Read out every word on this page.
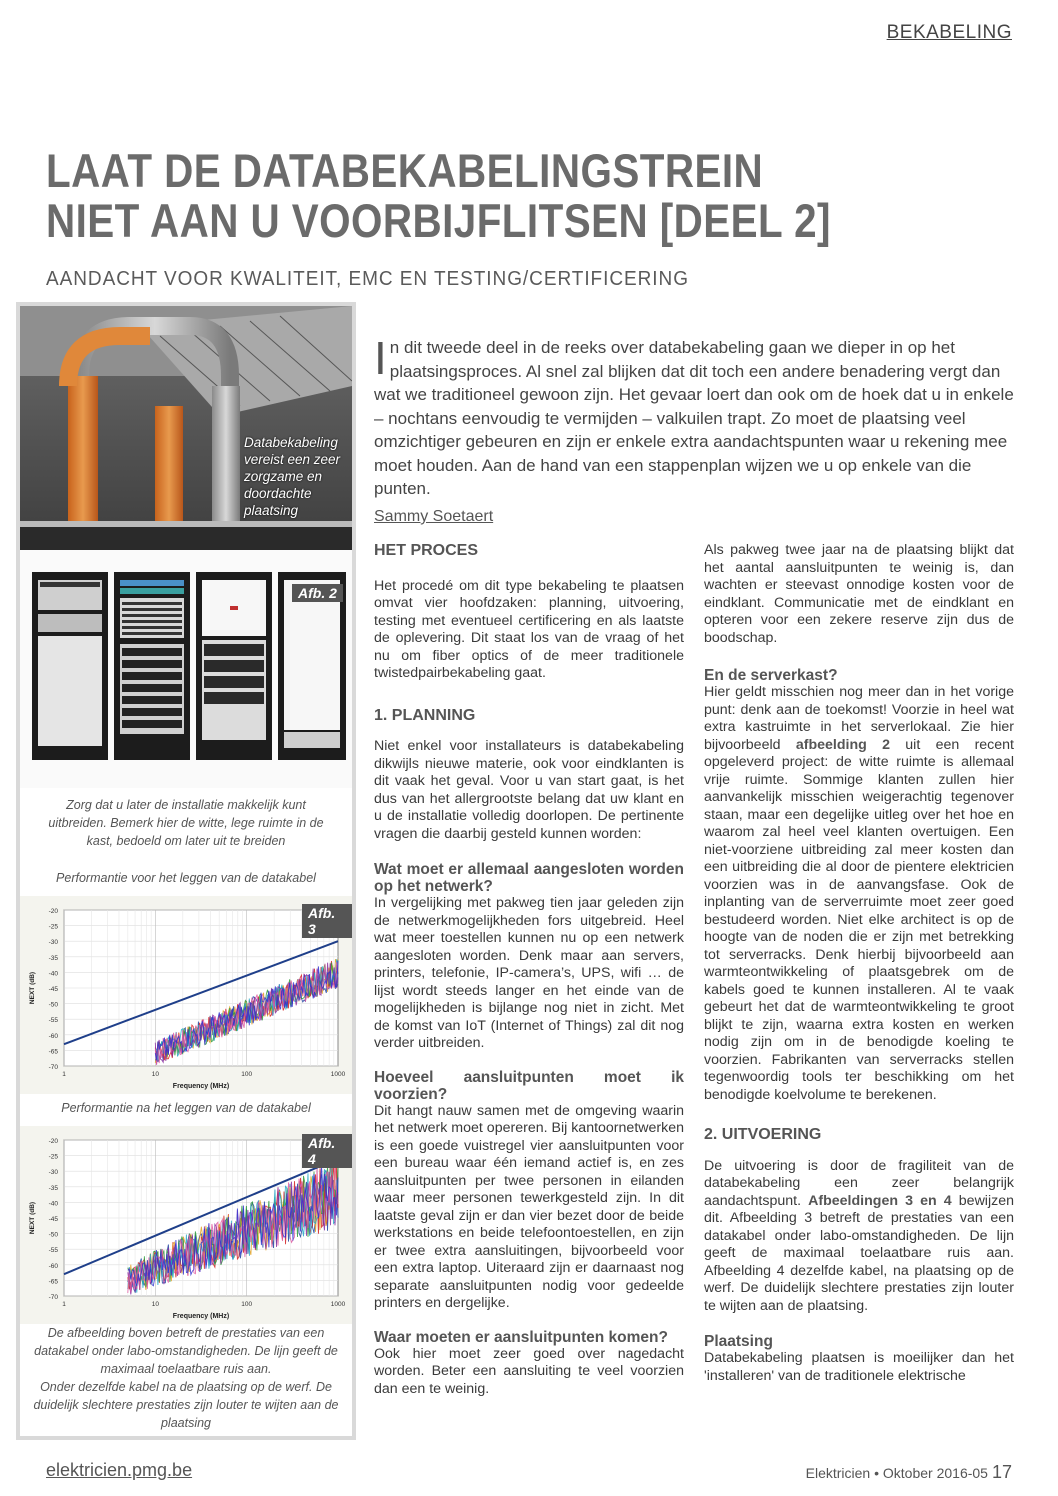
BEKABELING
LAAT DE DATABEKABELINGSTREIN
NIET AAN U VOORBIJFLITSEN [DEEL 2]
AANDACHT VOOR KWALITEIT, EMC EN TESTING/CERTIFICERING
Databekabeling vereist een zeer zorgzame en doordachte plaatsing
Afb. 2
Zorg dat u later de installatie makkelijk kunt uitbreiden. Bemerk hier de witte, lege ruimte in de kast, bedoeld om later uit te breiden
Performantie voor het leggen van de datakabel
-20
-25
-30
-35
-40
-45
-50
-55
-60
-65
-70
1	10	100	1000
Frequency (MHz)
NEXT (dB)
Afb. 3
Performantie na het leggen van de datakabel
-20
-25
-30
-35
-40
-45
-50
-55
-60
-65
-70
1	10	100	1000
Frequency (MHz)
NEXT (dB)
Afb. 4
De afbeelding boven betreft de prestaties van een datakabel onder labo-omstandigheden. De lijn geeft de maximaal toelaatbare ruis aan.
Onder dezelfde kabel na de plaatsing op de werf. De duidelijk slechtere prestaties zijn louter te wijten aan de plaatsing
In dit tweede deel in de reeks over databekabeling gaan we dieper in op het plaatsingsproces. Al snel zal blijken dat dit toch een andere benadering vergt dan wat we traditioneel gewoon zijn. Het gevaar loert dan ook om de hoek dat u in enkele – nochtans eenvoudig te vermijden – valkuilen trapt. Zo moet de plaatsing veel omzichtiger gebeuren en zijn er enkele extra aandachtspunten waar u rekening mee moet houden. Aan de hand van een stappenplan wijzen we u op enkele van die punten.
Sammy Soetaert
HET PROCES
Het procedé om dit type bekabeling te plaatsen omvat vier hoofdzaken: planning, uitvoering, testing met eventueel certificering en als laatste de oplevering. Dit staat los van de vraag of het nu om fiber optics of de meer traditionele twistedpairbekabeling gaat.
1. PLANNING
Niet enkel voor installateurs is databekabeling dikwijls nieuwe materie, ook voor eindklanten is dit vaak het geval. Voor u van start gaat, is het dus van het allergrootste belang dat uw klant en u de installatie volledig doorlopen. De pertinente vragen die daarbij gesteld kunnen worden:
Wat moet er allemaal aangesloten worden op het netwerk?
In vergelijking met pakweg tien jaar geleden zijn de netwerkmogelijkheden fors uitgebreid. Heel wat meer toestellen kunnen nu op een netwerk aangesloten worden. Denk maar aan servers, printers, telefonie, IP-camera’s, UPS, wifi … de lijst wordt steeds langer en het einde van de mogelijkheden is bijlange nog niet in zicht. Met de komst van IoT (Internet of Things) zal dit nog verder uitbreiden.
Hoeveel aansluitpunten moet ik voorzien?
Dit hangt nauw samen met de omgeving waarin het netwerk moet opereren. Bij kantoornetwerken is een goede vuistregel vier aansluitpunten voor een bureau waar één iemand actief is, en zes aansluitpunten per twee personen in eilanden waar meer personen tewerkgesteld zijn. In dit laatste geval zijn er dan vier bezet door de beide werkstations en beide telefoontoestellen, en zijn er twee extra aansluitingen, bijvoorbeeld voor een extra laptop. Uiteraard zijn er daarnaast nog separate aansluitpunten nodig voor gedeelde printers en dergelijke.
Waar moeten er aansluitpunten komen?
Ook hier moet zeer goed over nagedacht worden. Beter een aansluiting te veel voorzien dan een te weinig.
Als pakweg twee jaar na de plaatsing blijkt dat het aantal aansluitpunten te weinig is, dan wachten er steevast onnodige kosten voor de eindklant. Communicatie met de eindklant en opteren voor een zekere reserve zijn dus de boodschap.
En de serverkast?
Hier geldt misschien nog meer dan in het vorige punt: denk aan de toekomst! Voorzie in heel wat extra kastruimte in het serverlokaal. Zie hier bijvoorbeeld afbeelding 2 uit een recent opgeleverd project: de witte ruimte is allemaal vrije ruimte. Sommige klanten zullen hier aanvankelijk misschien weigerachtig tegenover staan, maar een degelijke uitleg over het hoe en waarom zal heel veel klanten overtuigen. Een niet-voorziene uitbreiding zal meer kosten dan een uitbreiding die al door de pientere elektricien voorzien was in de aanvangsfase. Ook de inplanting van de serverruimte moet zeer goed bestudeerd worden. Niet elke architect is op de hoogte van de noden die er zijn met betrekking tot serverracks. Denk hierbij bijvoorbeeld aan warmteontwikkeling of plaatsgebrek om de kabels goed te kunnen installeren. Al te vaak gebeurt het dat de warmteontwikkeling te groot blijkt te zijn, waarna extra kosten en werken nodig zijn om in de benodigde koeling te voorzien. Fabrikanten van serverracks stellen tegenwoordig tools ter beschikking om het benodigde koelvolume te berekenen.
2. UITVOERING
De uitvoering is door de fragiliteit van de databekabeling een zeer belangrijk aandachtspunt. Afbeeldingen 3 en 4 bewijzen dit. Afbeelding 3 betreft de prestaties van een datakabel onder labo-omstandigheden. De lijn geeft de maximaal toelaatbare ruis aan. Afbeelding 4 dezelfde kabel, na plaatsing op de werf. De duidelijk slechtere prestaties zijn louter te wijten aan de plaatsing.
Plaatsing
Databekabeling plaatsen is moeilijker dan het 'installeren' van de traditionele elektrische
elektricien.pmg.be	Elektricien • Oktober 2016-05 17
